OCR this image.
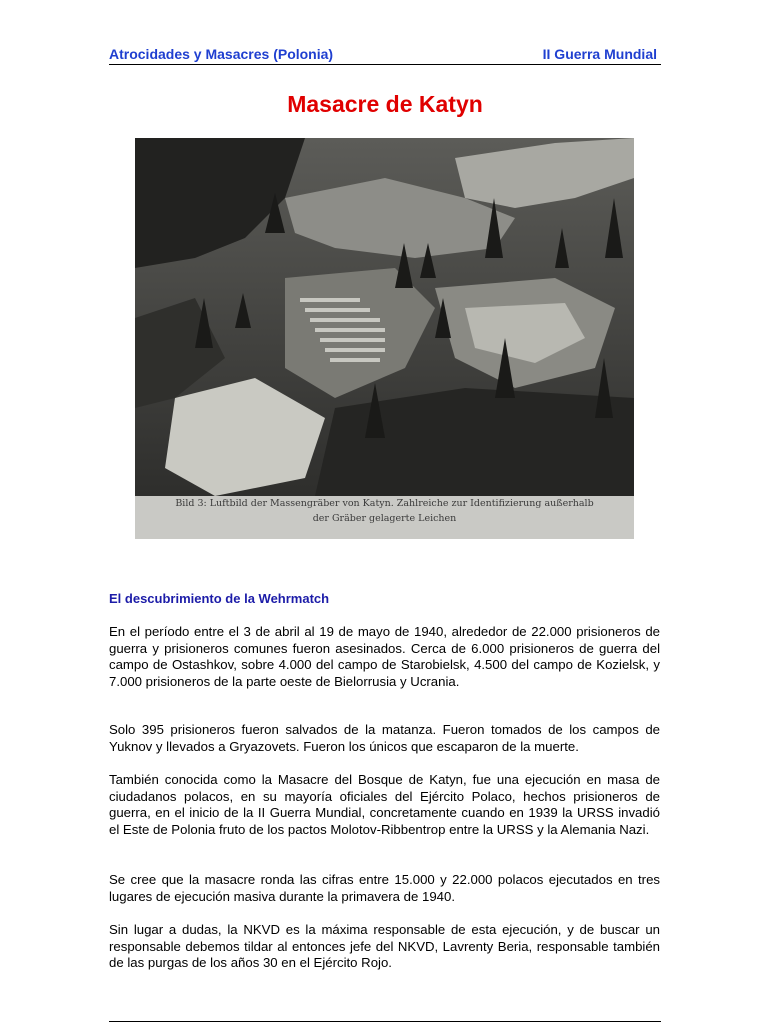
Atrocidades y Masacres (Polonia)	II Guerra Mundial
Masacre de Katyn
Bild 3: Luftbild der Massengräber von Katyn. Zahlreiche zur Identifizierung außerhalb
der Gräber gelagerte Leichen
El descubrimiento de la Wehrmatch

En el período entre el 3 de abril al 19 de mayo de 1940, alrededor de 22.000 prisioneros de guerra y prisioneros comunes fueron asesinados. Cerca de 6.000 prisioneros de guerra del campo de Ostashkov, sobre 4.000 del campo de Starobielsk, 4.500 del campo de Kozielsk, y 7.000 prisioneros de la parte oeste de Bielorrusia y Ucrania.

Solo 395 prisioneros fueron salvados de la matanza. Fueron tomados de los campos de Yuknov y llevados a Gryazovets. Fueron los únicos que escaparon de la muerte.

También conocida como la Masacre del Bosque de Katyn, fue una ejecución en masa de ciudadanos polacos, en su mayoría oficiales del Ejército Polaco, hechos prisioneros de guerra, en el inicio de la II Guerra Mundial, concretamente cuando en 1939 la URSS invadió el Este de Polonia fruto de los pactos Molotov-Ribbentrop entre la URSS y la Alemania Nazi.

Se cree que la masacre ronda las cifras entre 15.000 y 22.000 polacos ejecutados en tres lugares de ejecución masiva durante la primavera de 1940.

Sin lugar a dudas, la NKVD es la máxima responsable de esta ejecución, y de buscar un responsable debemos tildar al entonces jefe del NKVD, Lavrenty Beria, responsable también de las purgas de los años 30 en el Ejército Rojo.
